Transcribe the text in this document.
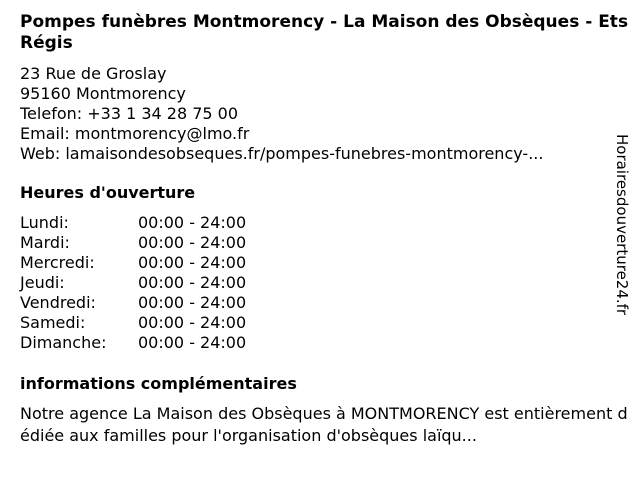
Pompes funèbres Montmorency - La Maison des Obsèques - Ets Régis
23 Rue de Groslay
95160 Montmorency
Telefon: +33 1 34 28 75 00
Email: montmorency@lmo.fr
Web: lamaisondesobseques.fr/pompes-funebres-montmorency-...
Heures d'ouverture
Lundi:	00:00 - 24:00
Mardi:	00:00 - 24:00
Mercredi:	00:00 - 24:00
Jeudi:	00:00 - 24:00
Vendredi:	00:00 - 24:00
Samedi:	00:00 - 24:00
Dimanche:	00:00 - 24:00
informations complémentaires

Notre agence La Maison des Obsèques à MONTMORENCY est entièrement dédiée aux familles pour l'organisation d'obsèques laïqu...

Horairesdouverture24.fr
